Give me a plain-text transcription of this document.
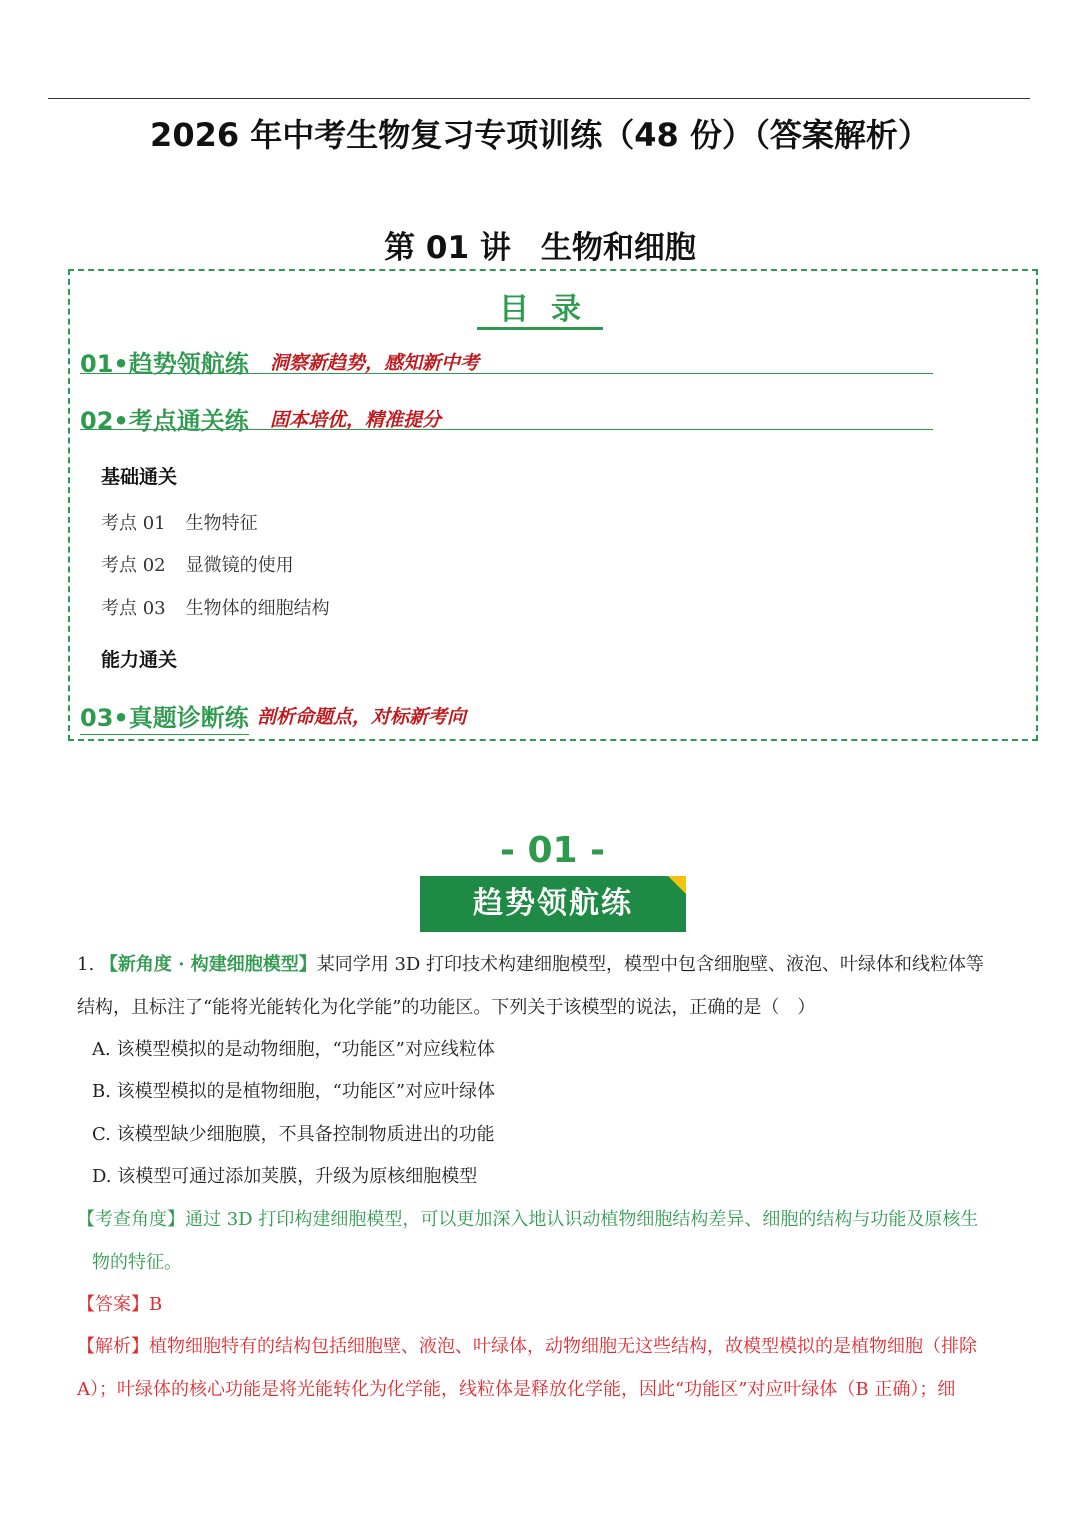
2026 年中考生物复习专项训练（48 份）（答案解析）
第 01 讲 生物和细胞
目录
01•趋势领航练 洞察新趋势，感知新中考
02•考点通关练 固本培优，精准提分
基础通关
考点 01 生物特征
考点 02 显微镜的使用
考点 03 生物体的细胞结构
能力通关
03•真题诊断练 剖析命题点，对标新考向
- 01 -
趋势领航练
1. 【新角度 · 构建细胞模型】某同学用 3D 打印技术构建细胞模型，模型中包含细胞壁、液泡、叶绿体和线粒体等
结构，且标注了“能将光能转化为化学能”的功能区。下列关于该模型的说法，正确的是（　）
A. 该模型模拟的是动物细胞，“功能区”对应线粒体
B. 该模型模拟的是植物细胞，“功能区”对应叶绿体
C. 该模型缺少细胞膜，不具备控制物质进出的功能
D. 该模型可通过添加荚膜，升级为原核细胞模型
【考查角度】通过 3D 打印构建细胞模型，可以更加深入地认识动植物细胞结构差异、细胞的结构与功能及原核生
物的特征。
【答案】B
【解析】植物细胞特有的结构包括细胞壁、液泡、叶绿体，动物细胞无这些结构，故模型模拟的是植物细胞（排除
A）；叶绿体的核心功能是将光能转化为化学能，线粒体是释放化学能，因此“功能区”对应叶绿体（B 正确）；细
